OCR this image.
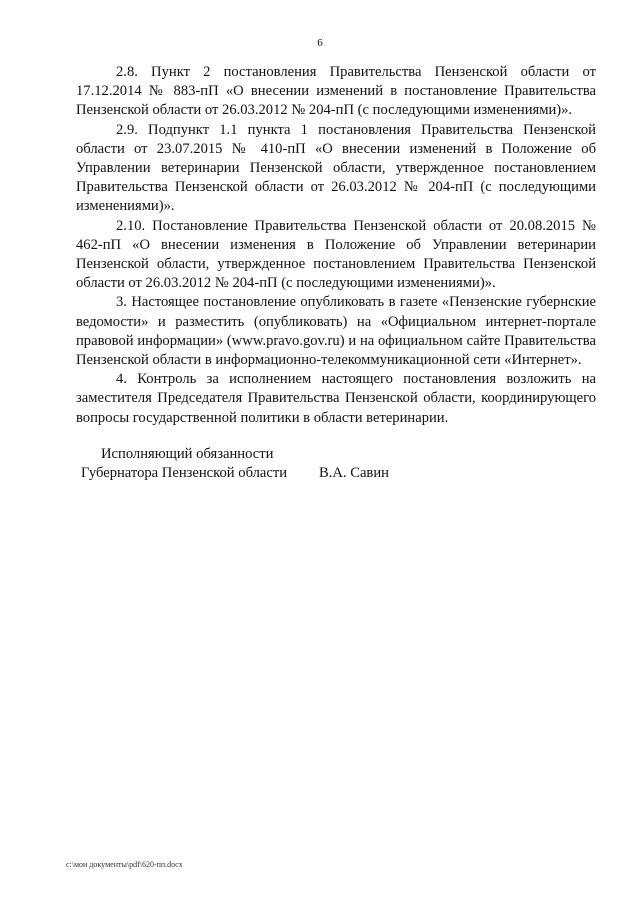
6

2.8. Пункт 2 постановления Правительства Пензенской области от 17.12.2014 № 883-пП «О внесении изменений в постановление Правительства Пензенской области от 26.03.2012 № 204-пП (с последующими изменениями)».

2.9. Подпункт 1.1 пункта 1 постановления Правительства Пензенской области от 23.07.2015 № 410-пП «О внесении изменений в Положение об Управлении ветеринарии Пензенской области, утвержденное постановлением Правительства Пензенской области от 26.03.2012 № 204-пП (с последующими изменениями)».

2.10. Постановление Правительства Пензенской области от 20.08.2015 № 462-пП «О внесении изменения в Положение об Управлении ветеринарии Пензенской области, утвержденное постановлением Правительства Пензенской области от 26.03.2012 № 204-пП (с последующими изменениями)».

3. Настоящее постановление опубликовать в газете «Пензенские губернские ведомости» и разместить (опубликовать) на «Официальном интернет-портале правовой информации» (www.pravo.gov.ru) и на официальном сайте Правительства Пензенской области в информационно-телекоммуникационной сети «Интернет».

4. Контроль за исполнением настоящего постановления возложить на заместителя Председателя Правительства Пензенской области, координирующего вопросы государственной политики в области ветеринарии.

Исполняющий обязанности
Губернатора Пензенской области В.А. Савин
c:\мои документы\pdf\620-пп.docx
